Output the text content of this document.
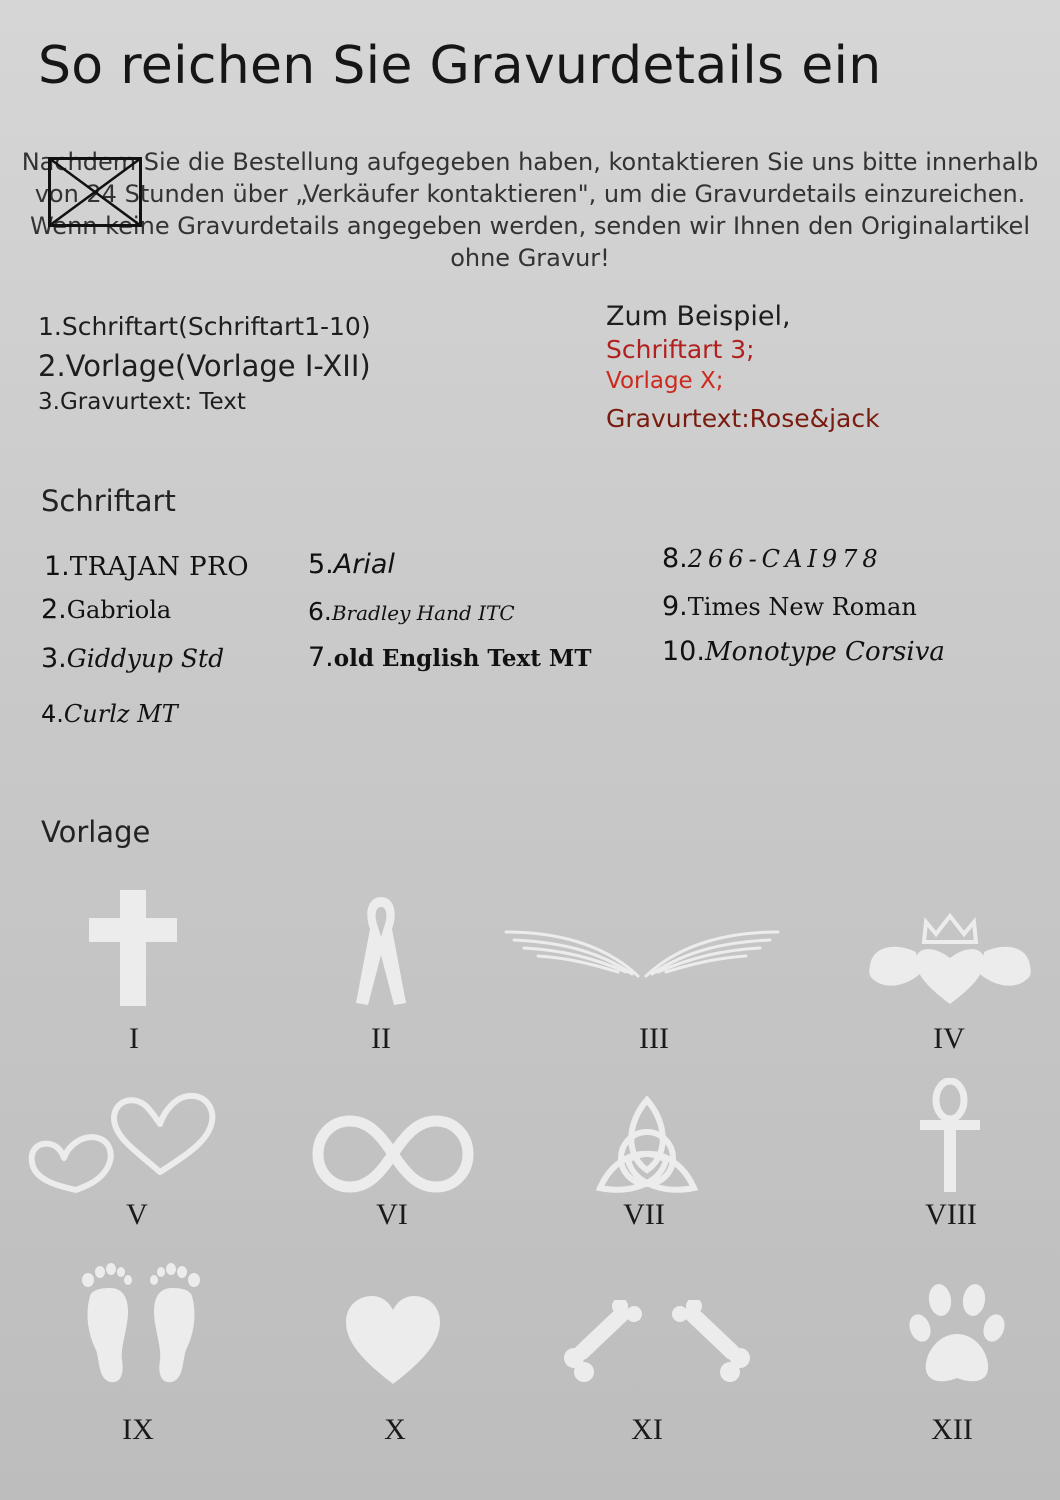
So reichen Sie Gravurdetails ein
Nachdem Sie die Bestellung aufgegeben haben, kontaktieren Sie uns bitte innerhalb von 24 Stunden über „Verkäufer kontaktieren", um die Gravurdetails einzureichen. Wenn keine Gravurdetails angegeben werden, senden wir Ihnen den Originalartikel ohne Gravur!
1.Schriftart(Schriftart1-10)
2.Vorlage(Vorlage I-XII)
3.Gravurtext: Text
Zum Beispiel,
Schriftart 3;
Vorlage X;
Gravurtext:Rose&jack
Schriftart
1.TRAJAN PRO
2.Gabriola
3.Giddyup Std
4.Curlz MT
5.Arial
6.Bradley Hand ITC
7.old English Text MT
8.266-CAI978
9.Times New Roman
10.Monotype Corsiva
Vorlage
I	II	III	IV
V	VI	VII	VIII
IX	X	XI	XII
